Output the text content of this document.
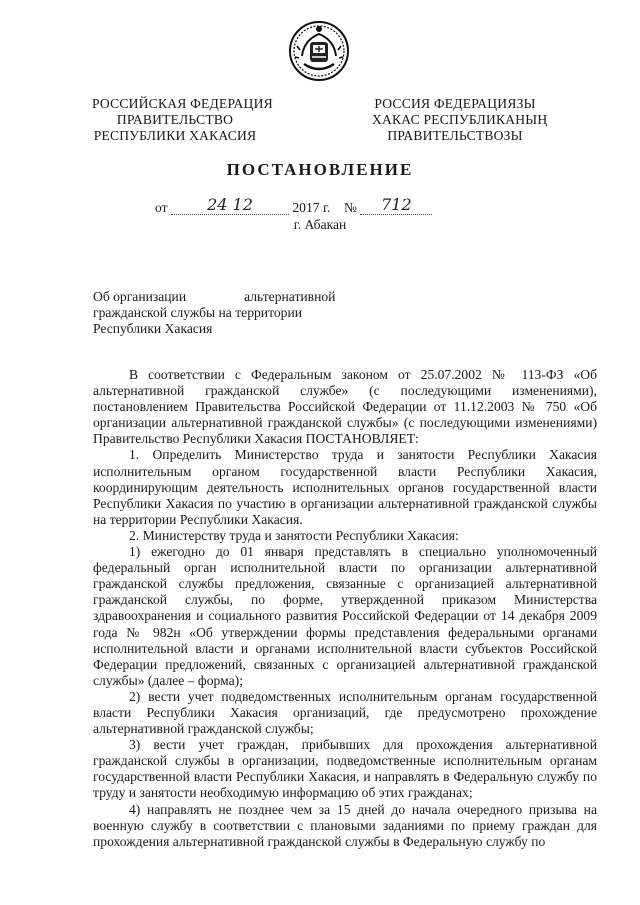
РОССИЙСКАЯ ФЕДЕРАЦИЯ
ПРАВИТЕЛЬСТВО
РЕСПУБЛИКИ ХАКАСИЯ
РОССИЯ ФЕДЕРАЦИЯЗЫ
ХАКАС РЕСПУБЛИКАНЫҢ
ПРАВИТЕЛЬСТВОЗЫ
ПОСТАНОВЛЕНИЕ
от 24 12	2017 г. № 712
г. Абакан
Об организации	альтернативной
гражданской службы на территории
Республики Хакасия

В соответствии с Федеральным законом от 25.07.2002 № 113-ФЗ «Об альтернативной гражданской службе» (с последующими изменениями), постановлением Правительства Российской Федерации от 11.12.2003 № 750 «Об организации альтернативной гражданской службы» (с последующими изменениями) Правительство Республики Хакасия ПОСТАНОВЛЯЕТ:

1. Определить Министерство труда и занятости Республики Хакасия исполнительным органом государственной власти Республики Хакасия, координирующим деятельность исполнительных органов государственной власти Республики Хакасия по участию в организации альтернативной гражданской службы на территории Республики Хакасия.

2. Министерству труда и занятости Республики Хакасия:

1) ежегодно до 01 января представлять в специально уполномоченный федеральный орган исполнительной власти по организации альтернативной гражданской службы предложения, связанные с организацией альтернативной гражданской службы, по форме, утвержденной приказом Министерства здравоохранения и социального развития Российской Федерации от 14 декабря 2009 года № 982н «Об утверждении формы представления федеральными органами исполнительной власти и органами исполнительной власти субъектов Российской Федерации предложений, связанных с организацией альтернативной гражданской службы» (далее – форма);

2) вести учет подведомственных исполнительным органам государственной власти Республики Хакасия организаций, где предусмотрено прохождение альтернативной гражданской службы;

3) вести учет граждан, прибывших для прохождения альтернативной гражданской службы в организации, подведомственные исполнительным органам государственной власти Республики Хакасия, и направлять в Федеральную службу по труду и занятости необходимую информацию об этих гражданах;

4) направлять не позднее чем за 15 дней до начала очередного призыва на военную службу в соответствии с плановыми заданиями по приему граждан для прохождения альтернативной гражданской службы в Федеральную службу по
